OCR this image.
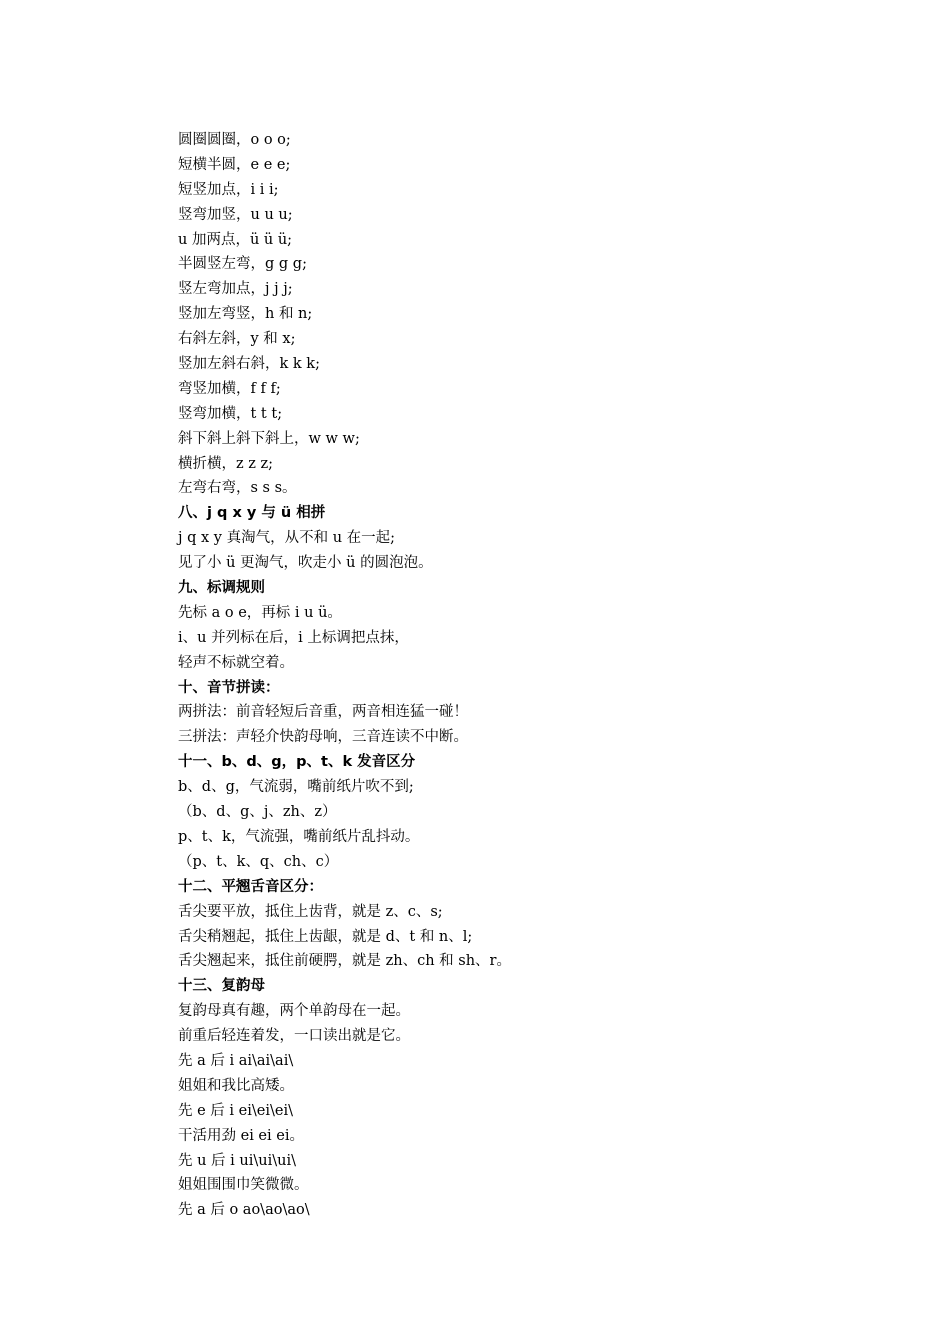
圆圈圆圈，o o o;
短横半圆，e e e;
短竖加点，i i i;
竖弯加竖，u u u;
u 加两点，ü ü ü;
半圆竖左弯，g g g;
竖左弯加点，j j j;
竖加左弯竖，h 和 n;
右斜左斜，y 和 x;
竖加左斜右斜，k k k;
弯竖加横，f f f;
竖弯加横，t t t;
斜下斜上斜下斜上，w w w;
横折横，z z z;
左弯右弯，s s s。
八、j q x y 与 ü 相拼
j q x y 真淘气，从不和 u 在一起;
见了小 ü 更淘气，吹走小 ü 的圆泡泡。
九、标调规则
先标 a o e，再标 i u ü。
i、u 并列标在后，i 上标调把点抹，
轻声不标就空着。
十、音节拼读：
两拼法：前音轻短后音重，两音相连猛一碰！
三拼法：声轻介快韵母响，三音连读不中断。
十一、b、d、g，p、t、k 发音区分
b、d、g，气流弱，嘴前纸片吹不到;
（b、d、g、j、zh、z）
p、t、k，气流强，嘴前纸片乱抖动。
（p、t、k、q、ch、c）
十二、平翘舌音区分：
舌尖要平放，抵住上齿背，就是 z、c、s;
舌尖稍翘起，抵住上齿龈，就是 d、t 和 n、l;
舌尖翘起来，抵住前硬腭，就是 zh、ch 和 sh、r。
十三、复韵母
复韵母真有趣，两个单韵母在一起。
前重后轻连着发，一口读出就是它。
先 a 后 i ai\ai\ai\
姐姐和我比高矮。
先 e 后 i ei\ei\ei\
干活用劲 ei ei ei。
先 u 后 i ui\ui\ui\
姐姐围围巾笑微微。
先 a 后 o ao\ao\ao\
